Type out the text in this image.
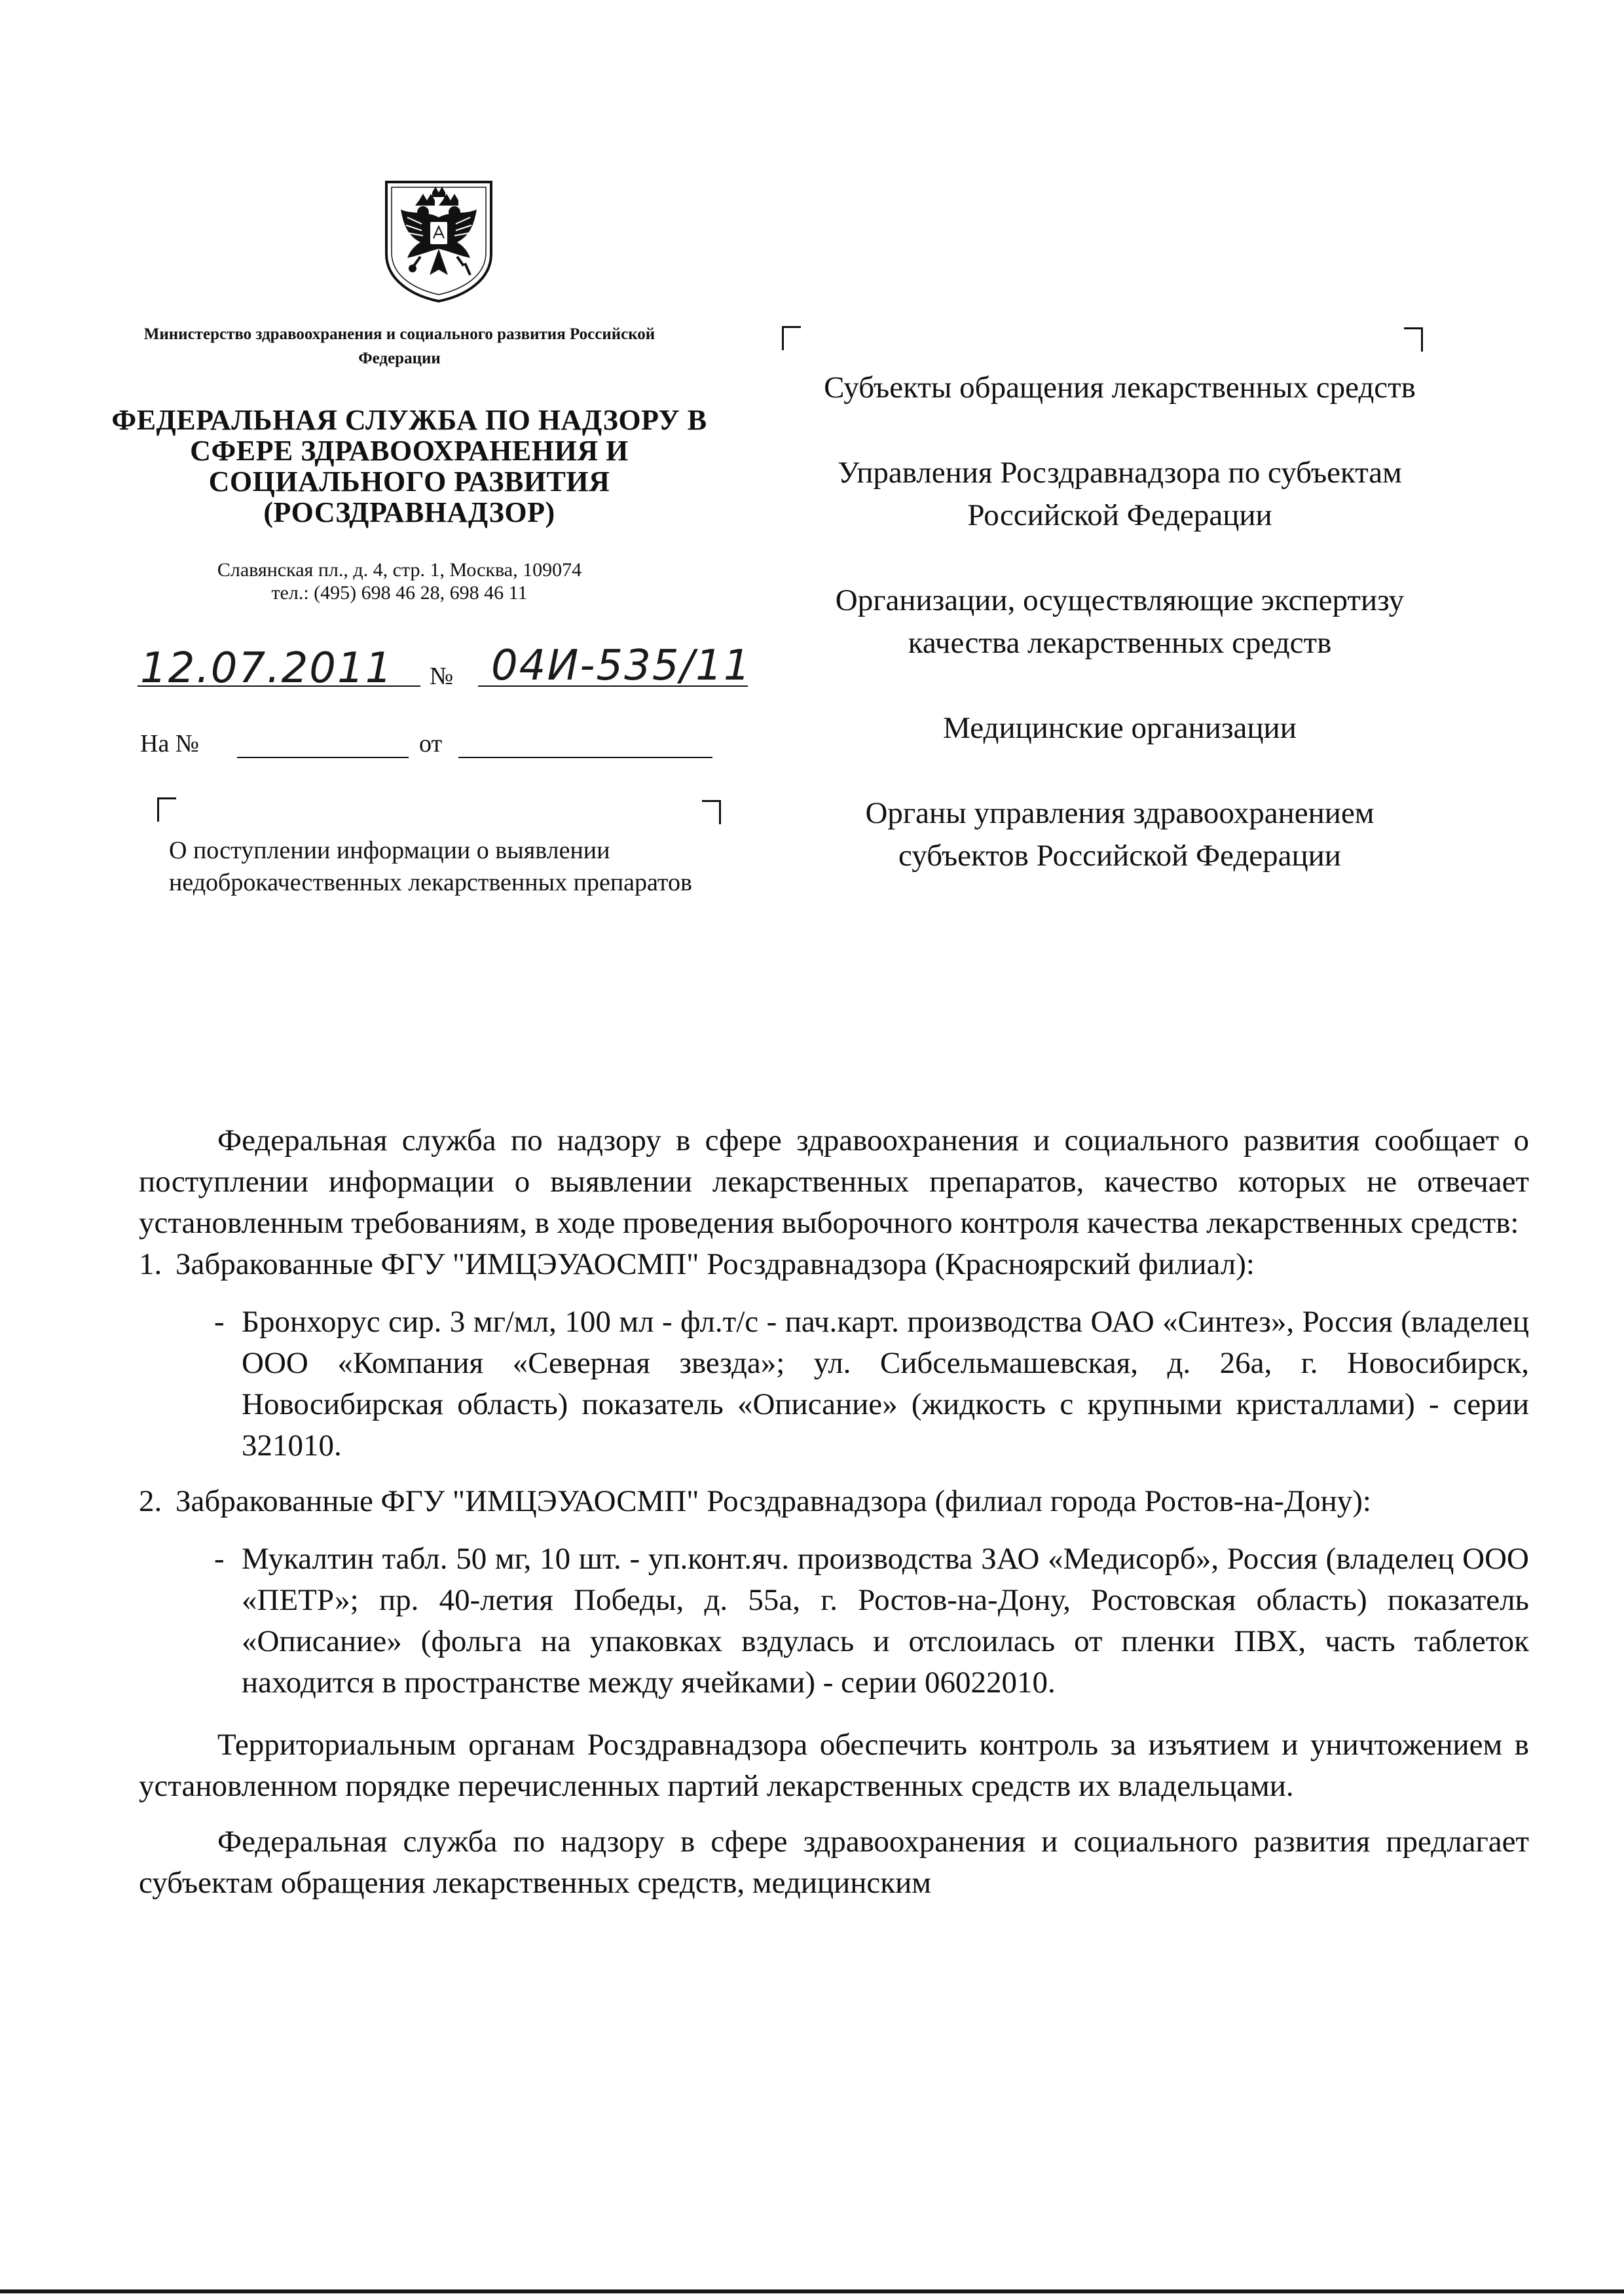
Министерство здравоохранения и социального развития Российской Федерации
ФЕДЕРАЛЬНАЯ СЛУЖБА ПО НАДЗОРУ В СФЕРЕ ЗДРАВООХРАНЕНИЯ И СОЦИАЛЬНОГО РАЗВИТИЯ (РОСЗДРАВНАДЗОР)
Славянская пл., д. 4, стр. 1, Москва, 109074
тел.: (495) 698 46 28, 698 46 11
12.07.2011 № 04И-535/11
На №	от
О поступлении информации о выявлении недоброкачественных лекарственных препаратов
Субъекты обращения лекарственных средств
Управления Росздравнадзора по субъектам Российской Федерации
Организации, осуществляющие экспертизу качества лекарственных средств
Медицинские организации
Органы управления здравоохранением субъектов Российской Федерации

Федеральная служба по надзору в сфере здравоохранения и социального развития сообщает о поступлении информации о выявлении лекарственных препаратов, качество которых не отвечает установленным требованиям, в ходе проведения выборочного контроля качества лекарственных средств:

1. Забракованные ФГУ "ИМЦЭУАОСМП" Росздравнадзора (Красноярский филиал):
- Бронхорус сир. 3 мг/мл, 100 мл - фл.т/с - пач.карт. производства ОАО «Синтез», Россия (владелец ООО «Компания «Северная звезда»; ул. Сибсельмашевская, д. 26а, г. Новосибирск, Новосибирская область) показатель «Описание» (жидкость с крупными кристаллами) - серии 321010.
2. Забракованные ФГУ "ИМЦЭУАОСМП" Росздравнадзора (филиал города Ростов-на-Дону):
- Мукалтин табл. 50 мг, 10 шт. - уп.конт.яч. производства ЗАО «Медисорб», Россия (владелец ООО «ПЕТР»; пр. 40-летия Победы, д. 55а, г. Ростов-на-Дону, Ростовская область) показатель «Описание» (фольга на упаковках вздулась и отслоилась от пленки ПВХ, часть таблеток находится в пространстве между ячейками) - серии 06022010.

Территориальным органам Росздравнадзора обеспечить контроль за изъятием и уничтожением в установленном порядке перечисленных партий лекарственных средств их владельцами.

Федеральная служба по надзору в сфере здравоохранения и социального развития предлагает субъектам обращения лекарственных средств, медицинским
